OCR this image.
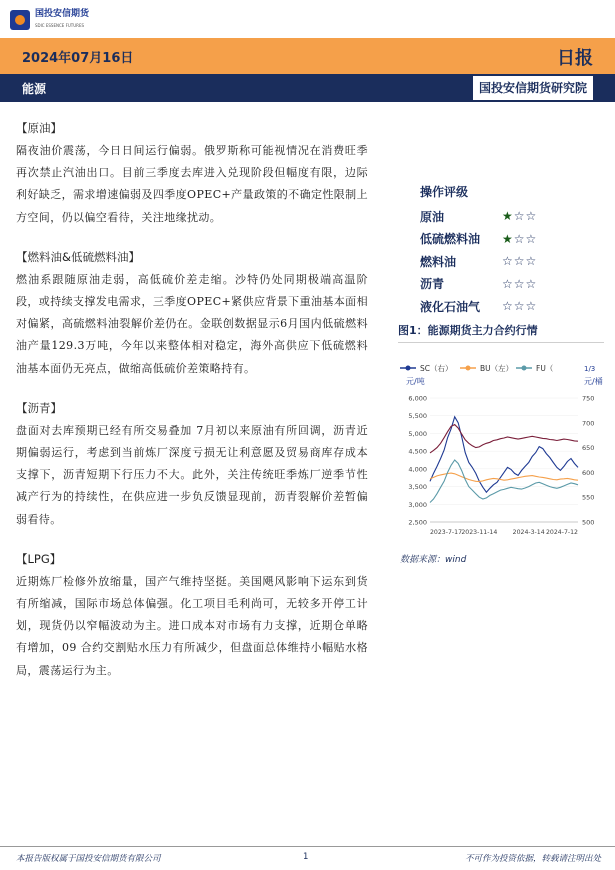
国投安信期货
SDIC ESSENCE FUTURES
2024年07月16日	日报
能源	国投安信期货研究院
【原油】
隔夜油价震荡，今日日间运行偏弱。俄罗斯称可能视情况在消费旺季再次禁止汽油出口。目前三季度去库进入兑现阶段但幅度有限，边际利好缺乏，需求增速偏弱及四季度OPEC+产量政策的不确定性限制上方空间，仍以偏空看待，关注地缘扰动。
【燃料油&低硫燃料油】
燃油系跟随原油走弱，高低硫价差走缩。沙特仍处同期极端高温阶段，或持续支撑发电需求，三季度OPEC+紧供应背景下重油基本面相对偏紧，高硫燃料油裂解价差仍在。金联创数据显示6月国内低硫燃料油产量129.3万吨，今年以来整体相对稳定，海外高供应下低硫燃料油基本面仍无亮点，做缩高低硫价差策略持有。
【沥青】
盘面对去库预期已经有所交易叠加 7月初以来原油有所回调，沥青近期偏弱运行，考虑到当前炼厂深度亏损无让利意愿及贸易商库存成本支撑下，沥青短期下行压力不大。此外，关注传统旺季炼厂逆季节性减产行为的持续性，在供应进一步负反馈显现前，沥青裂解价差暂偏弱看待。
【LPG】
近期炼厂检修外放缩量，国产气维持坚挺。美国飓风影响下运东到货有所缩减，国际市场总体偏强。化工项目毛利尚可，无较多开停工计划，现货仍以窄幅波动为主。进口成本对市场有力支撑，近期仓单略有增加，09 合约交割贴水压力有所减少，但盘面总体维持小幅贴水格局，震荡运行为主。
操作评级
原油	★☆☆
低硫燃料油	★☆☆
燃料油	☆☆☆
沥青	☆☆☆
液化石油气	☆☆☆
图1：能源期货主力合约行情
SC（右）	BU（左）	FU（	1/3
元/吨	元/桶
6,000
5,500
5,000
4,500
4,000
3,500
3,000
2,500
750
700
650
600
550
500
2023-7-17 2023-11-14 2024-3-14 2024-7-12
数据来源：wind
本报告版权属于国投安信期货有限公司	1	不可作为投资依据，转载请注明出处
